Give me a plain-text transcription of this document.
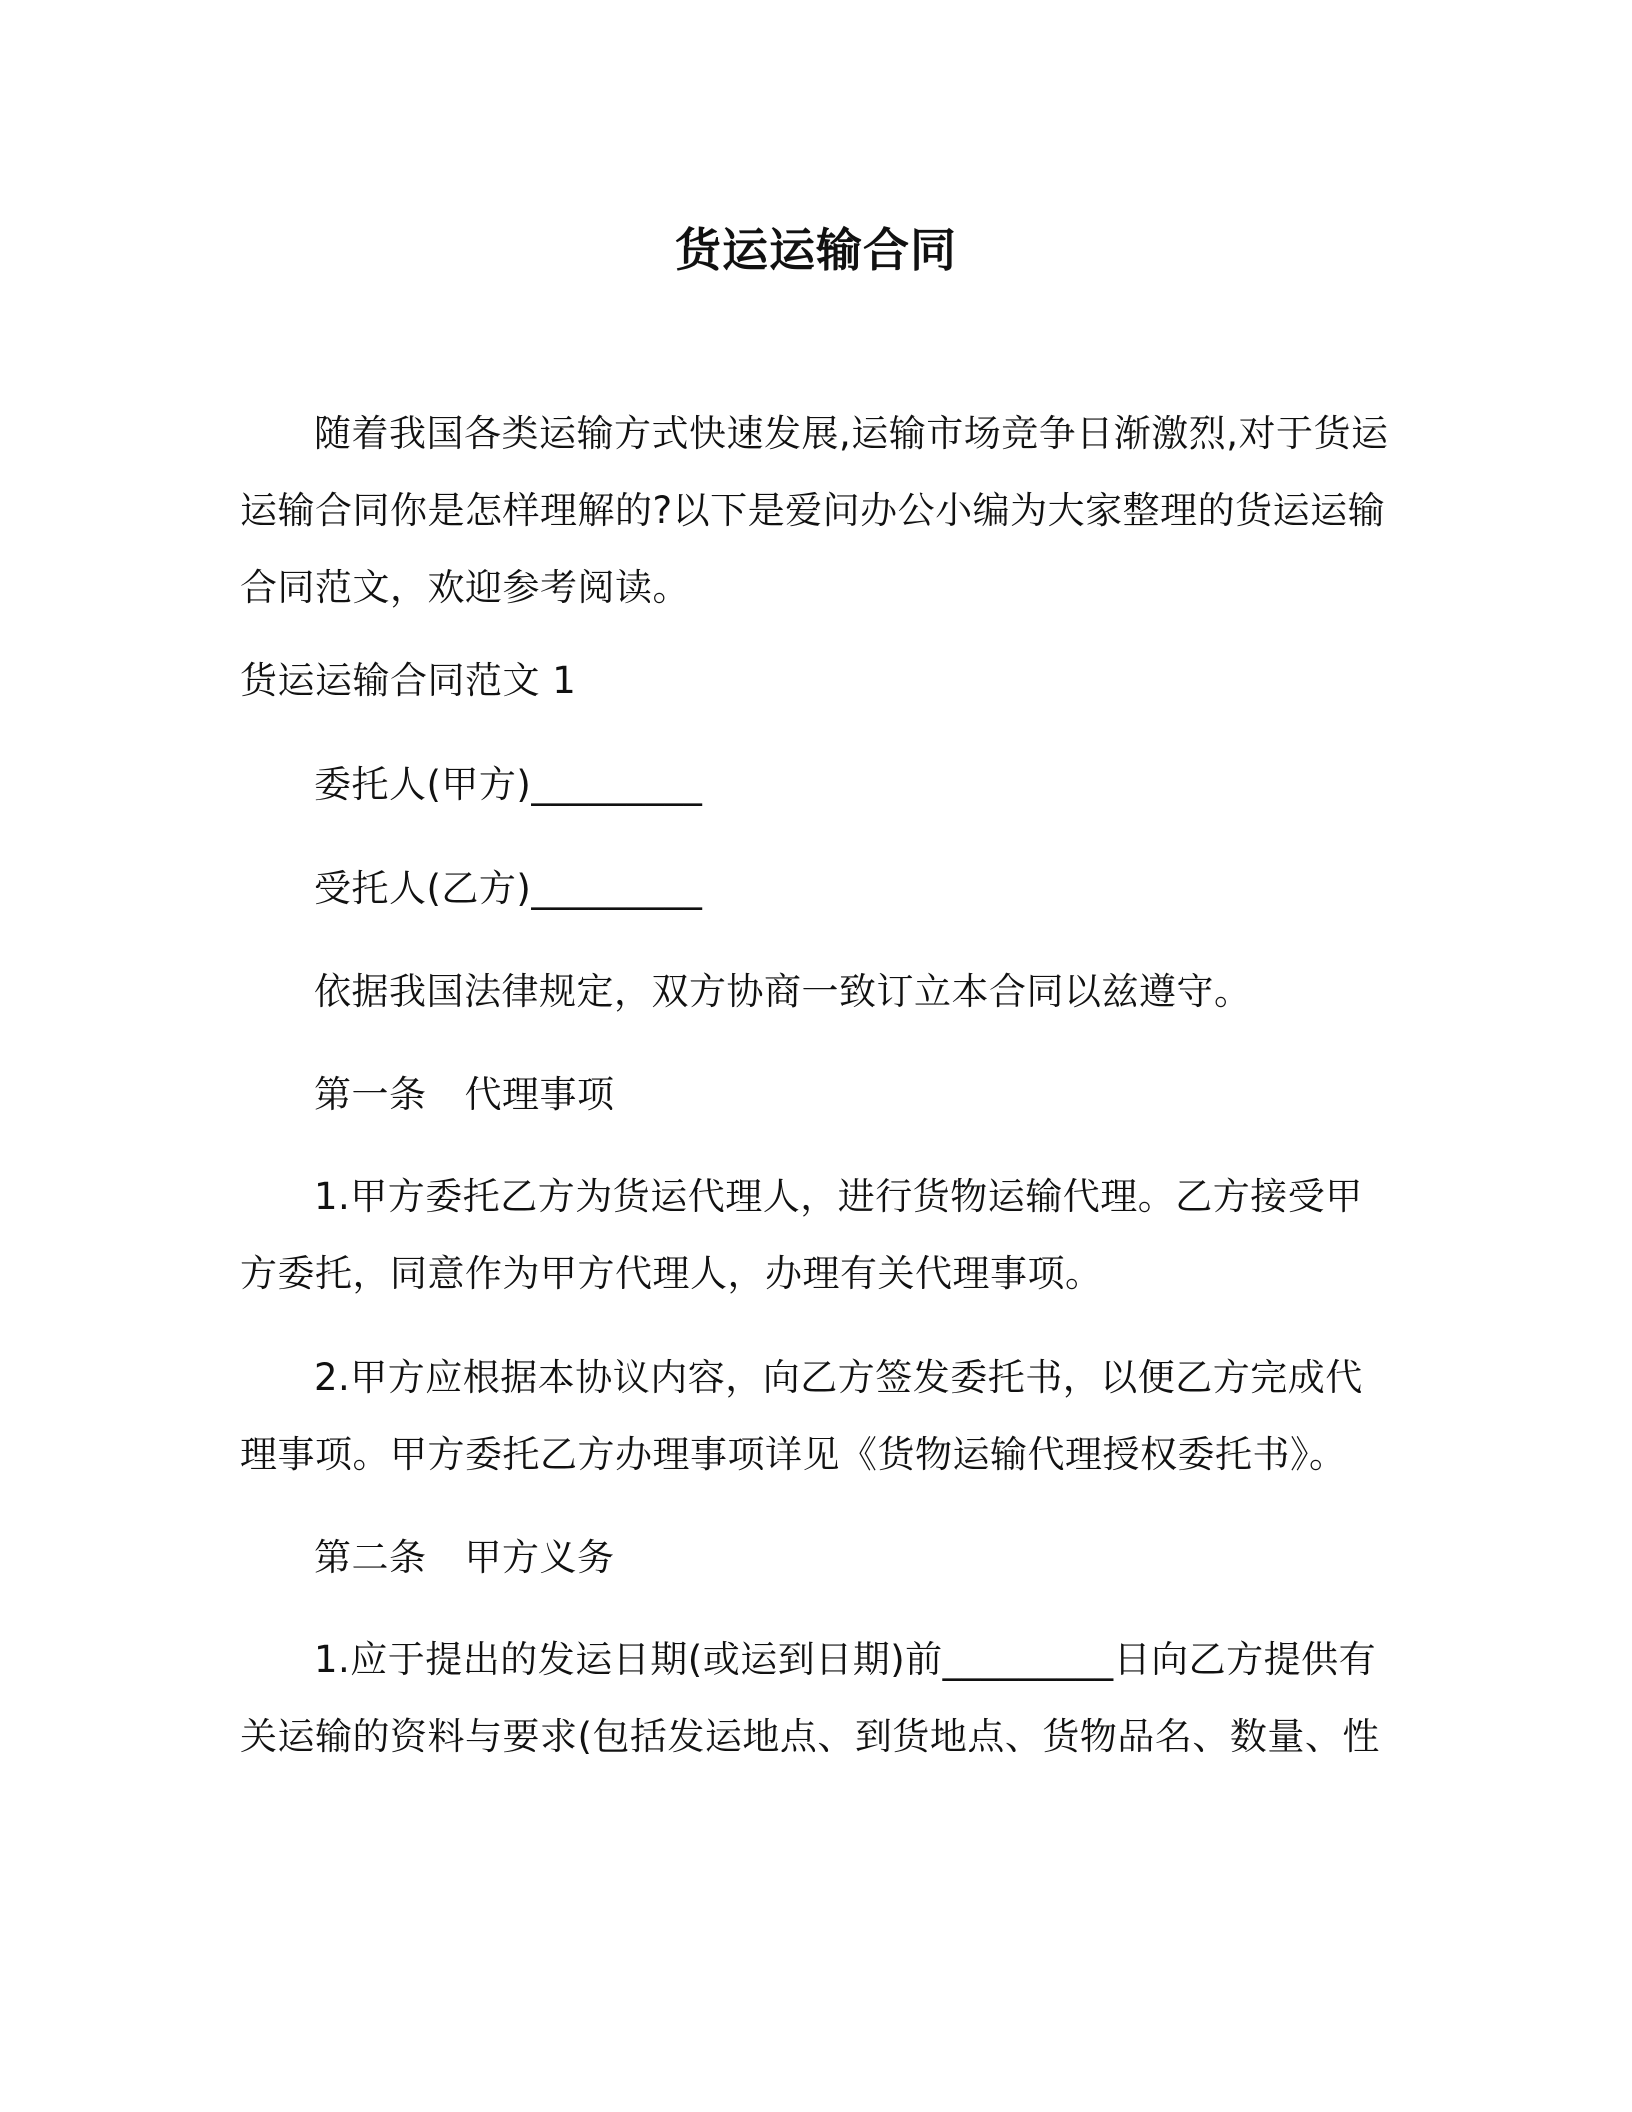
货运运输合同

随着我国各类运输方式快速发展,运输市场竞争日渐激烈,对于货运运输合同你是怎样理解的?以下是爱问办公小编为大家整理的货运运输合同范文，欢迎参考阅读。

货运运输合同范文 1

委托人(甲方)_________

受托人(乙方)_________

依据我国法律规定，双方协商一致订立本合同以兹遵守。

第一条 代理事项

1.甲方委托乙方为货运代理人，进行货物运输代理。乙方接受甲方委托，同意作为甲方代理人，办理有关代理事项。

2.甲方应根据本协议内容，向乙方签发委托书，以便乙方完成代理事项。甲方委托乙方办理事项详见《货物运输代理授权委托书》。

第二条 甲方义务

1.应于提出的发运日期(或运到日期)前_________日向乙方提供有关运输的资料与要求(包括发运地点、到货地点、货物品名、数量、性
